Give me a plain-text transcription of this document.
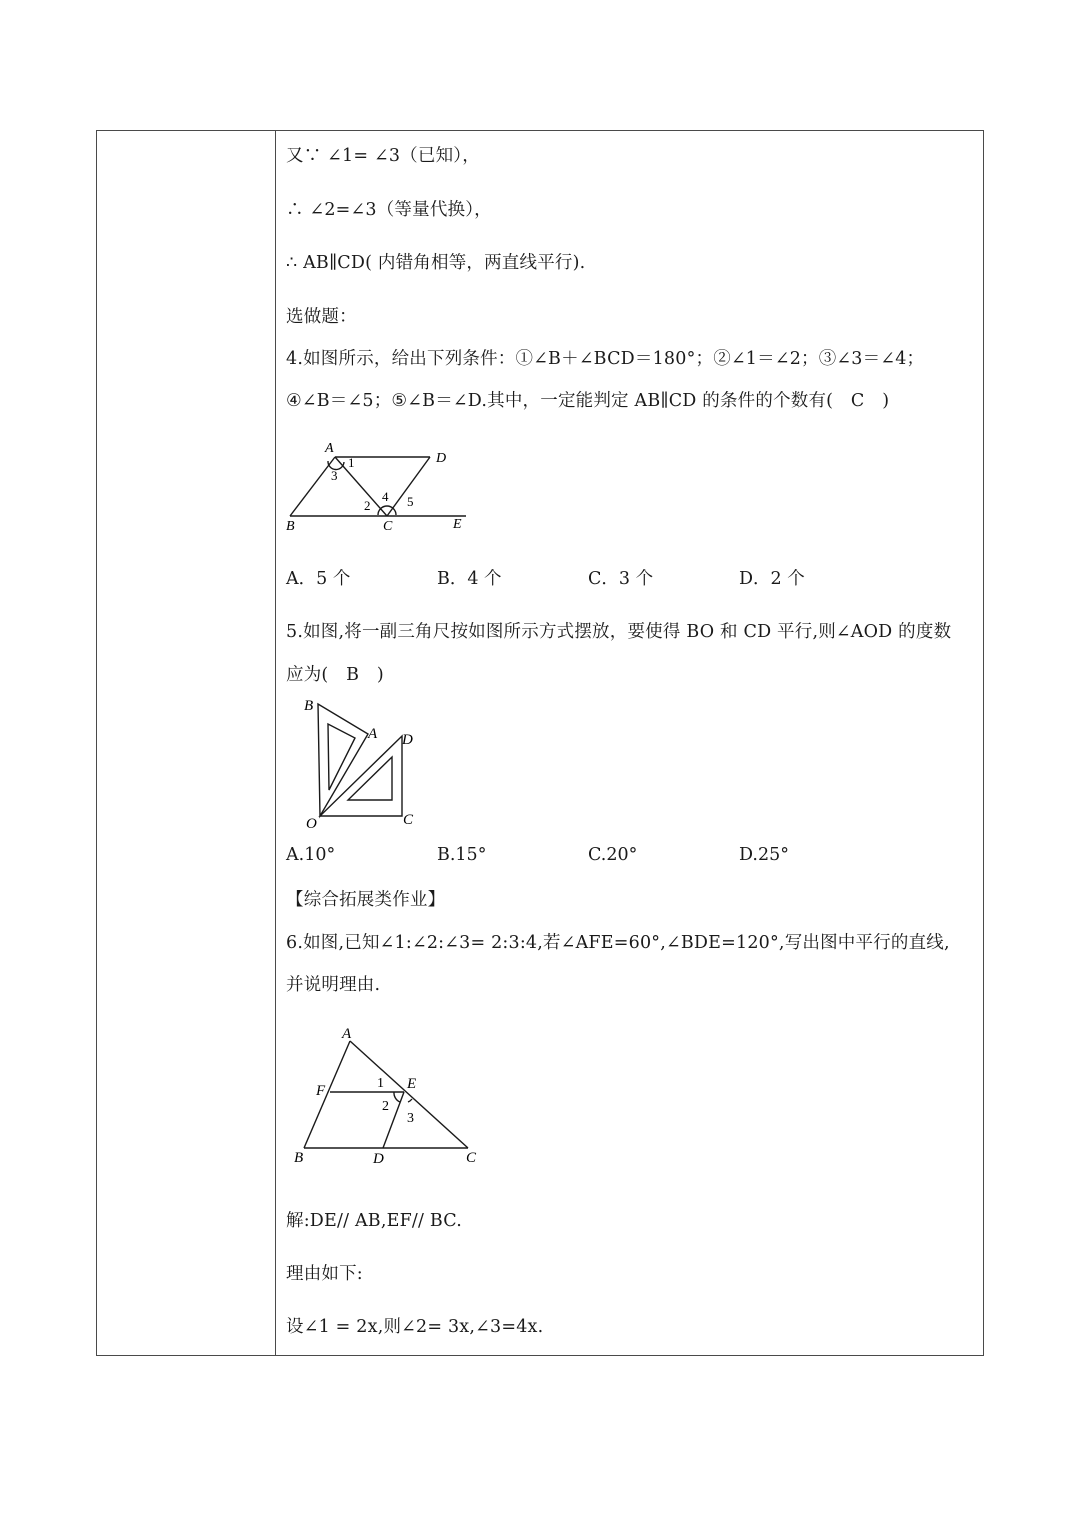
又∵ ∠1= ∠3（已知），
∴ ∠2=∠3（等量代换），
∴ AB∥CD( 内错角相等，两直线平行).
选做题：
4.如图所示，给出下列条件：①∠B＋∠BCD＝180°；②∠1＝∠2；③∠3＝∠4；
④∠B＝∠5；⑤∠B＝∠D.其中，一定能判定 AB∥CD 的条件的个数有(　C　)
A
D
B	C	E
1
3
2
4 5
A．5 个	B．4 个	C．3 个	D．2 个
5.如图,将一副三角尺按如图所示方式摆放，要使得 BO 和 CD 平行,则∠AOD 的度数
应为(　B　)
B
A D
O	C
A.10°	B.15°	C.20°	D.25°
【综合拓展类作业】
6.如图,已知∠1:∠2:∠3= 2:3:4,若∠AFE=60°,∠BDE=120°,写出图中平行的直线,
并说明理由.
A
F	E
B	D	C
1
2
3
解:DE// AB,EF// BC.
理由如下:
设∠1 = 2x,则∠2= 3x,∠3=4x.
